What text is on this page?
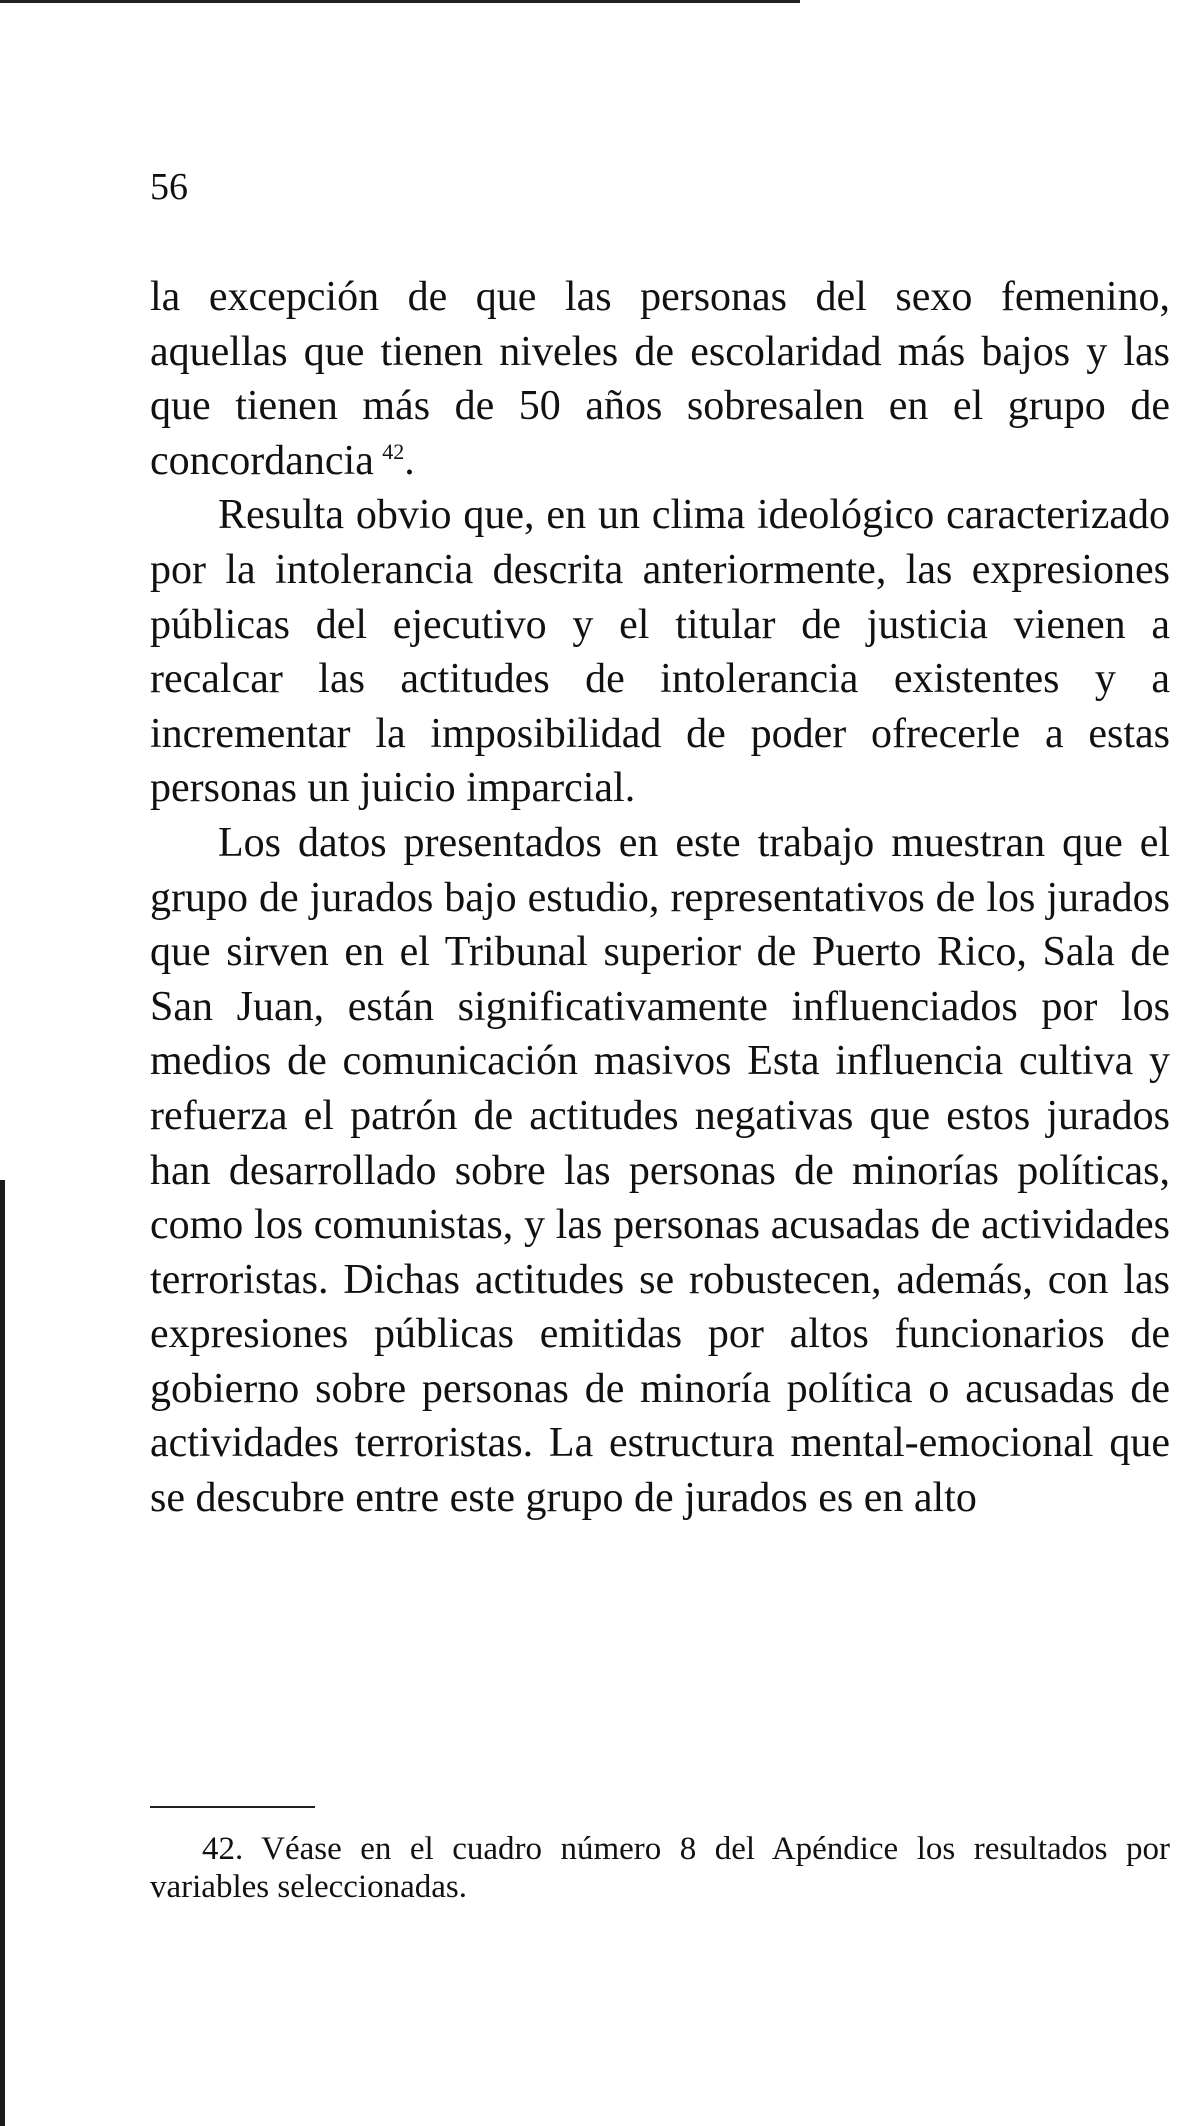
56

la excepción de que las personas del sexo femenino, aquellas que tienen niveles de escolaridad más bajos y las que tienen más de 50 años sobresalen en el grupo de concordancia  $^{42}$.

Resulta obvio que, en un clima ideológico caracterizado por la intolerancia descrita anteriormente, las expresiones públicas del ejecutivo y el titular de justicia vienen a recalcar las actitudes de intolerancia existentes y a incrementar la imposibilidad de poder ofrecerle a estas personas un juicio imparcial.

Los datos presentados en este trabajo muestran que el grupo de jurados bajo estudio, representativos de los jurados que sirven en el Tribunal superior de Puerto Rico, Sala de San Juan, están significativamente influenciados por los medios de comunicación masivos Esta influencia cultiva y refuerza el patrón de actitudes negativas que estos jurados han desarrollado sobre las personas de minorías políticas, como los comunistas, y las personas acusadas de actividades terroristas. Dichas actitudes se robustecen, además, con las expresiones públicas emitidas por altos funcionarios de gobierno sobre personas de minoría política o acusadas de actividades terroristas. La estructura mental-emocional que se descubre entre este grupo de jurados es en alto

42. Véase en el cuadro número 8 del Apéndice los resultados por variables seleccionadas.
